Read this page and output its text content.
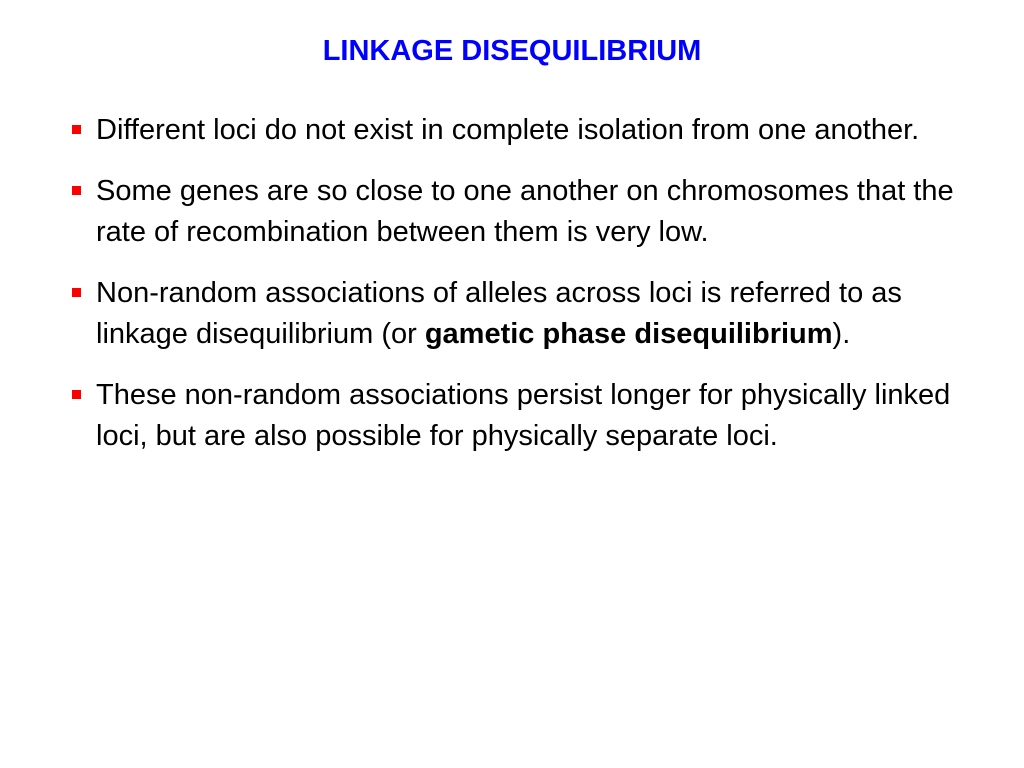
LINKAGE DISEQUILIBRIUM
Different loci do not exist in complete isolation from one another.
Some genes are so close to one another on chromosomes that the rate of recombination between them is very low.
Non-random associations of alleles across loci is referred to as linkage disequilibrium (or gametic phase disequilibrium).
These non-random associations persist longer for physically linked loci, but are also possible for physically separate loci.
